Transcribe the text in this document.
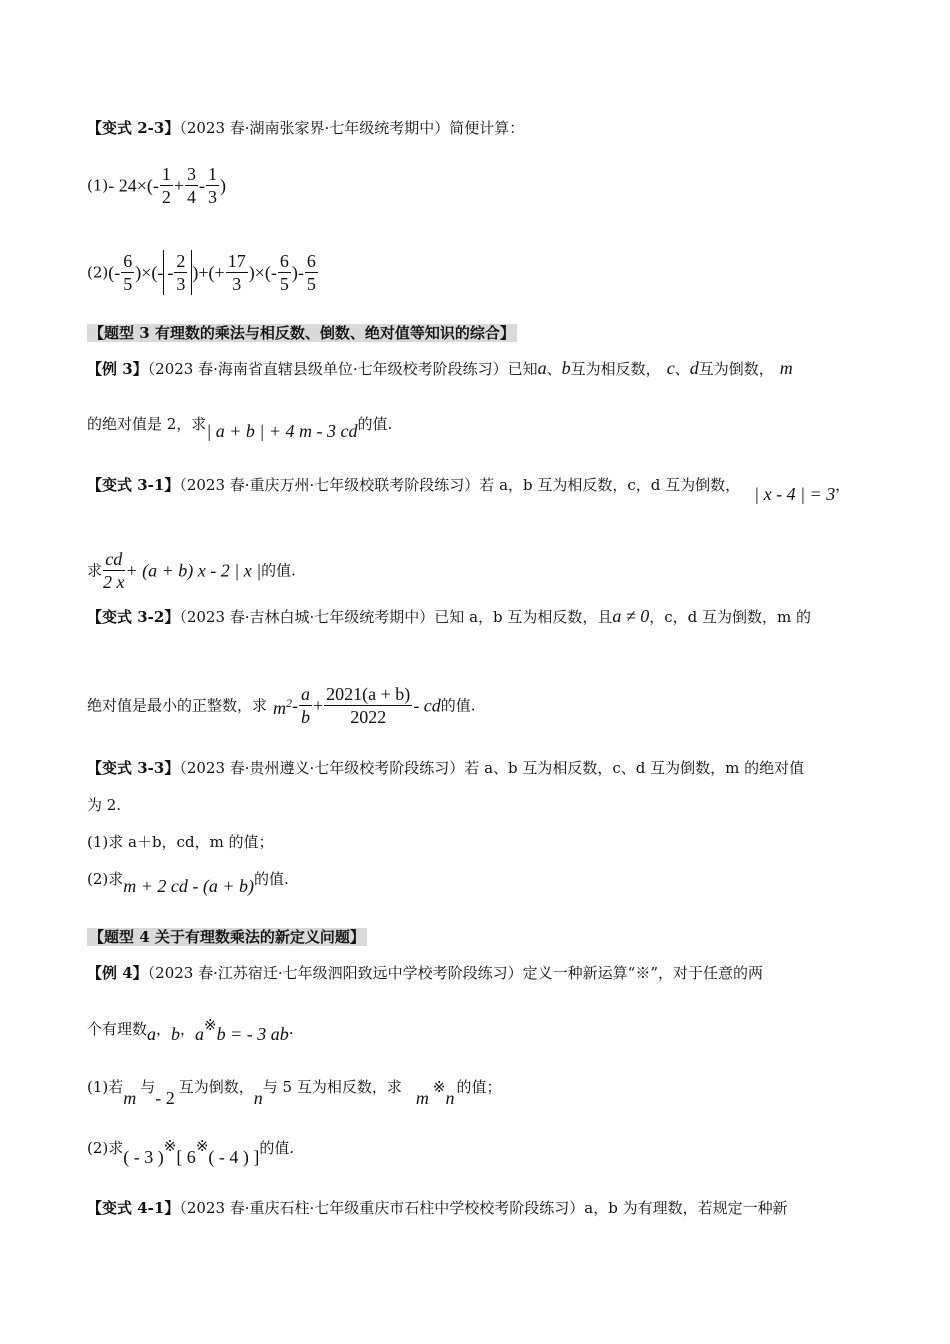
【变式 2-3】（2023 春·湖南张家界·七年级统考期中）简便计算：
(1)- $24\times(- \frac{1}{2} + \frac{3}{4} - \frac{1}{3}$ )
$(2)(- \frac{6}{5}$ )×(- - $\frac{2}{3}$ )+(+ $\frac{17}{3}$ )×(- $\frac{6}{5}$ )- $\frac{6}{5}$
【题型 3 有理数的乘法与相反数、倒数、绝对值等知识的综合】
【例 3】（2023 春·海南省直辖县级单位·七年级校考阶段练习）已知a、b互为相反数， c、d互为倒数， m
的绝对值是 2，求| a + b | + 4 m - 3 cd的值.
【变式 3-1】（2023 春·重庆万州·七年级校联考阶段练习）若 a，b 互为相反数，c，d 互为倒数， | x - 4 | = 3，
求 $\frac{cd}{2 x} + (a + b)$ x - 2 | x |的值.
【变式 3-2】（2023 春·吉林白城·七年级统考期中）已知 a，b 互为相反数，且a ≠ 0，c，d 互为倒数，m 的
绝对值是最小的正整数，求 $m^2- \frac{a}{b} + \frac{2021(a + b)}{2022}$ - cd的值.
【变式 3-3】（2023 春·贵州遵义·七年级校考阶段练习）若 a、b 互为相反数，c、d 互为倒数，m 的绝对值
为 2.
(1)求 a＋b，cd，m 的值；
(2)求m + 2 cd - (a + b)的值.
【题型 4 关于有理数乘法的新定义问题】
【例 4】（2023 春·江苏宿迁·七年级泗阳致远中学校考阶段练习）定义一种新运算“※”，对于任意的两
个有理数a，b，a※b = - 3 ab.
(1)若m与- 2互为倒数，n与 5 互为相反数，求m※n的值；
(2)求( - 3 )※[ 6※( - 4 ) ]的值.
【变式 4-1】（2023 春·重庆石柱·七年级重庆市石柱中学校校考阶段练习）a，b 为有理数，若规定一种新
